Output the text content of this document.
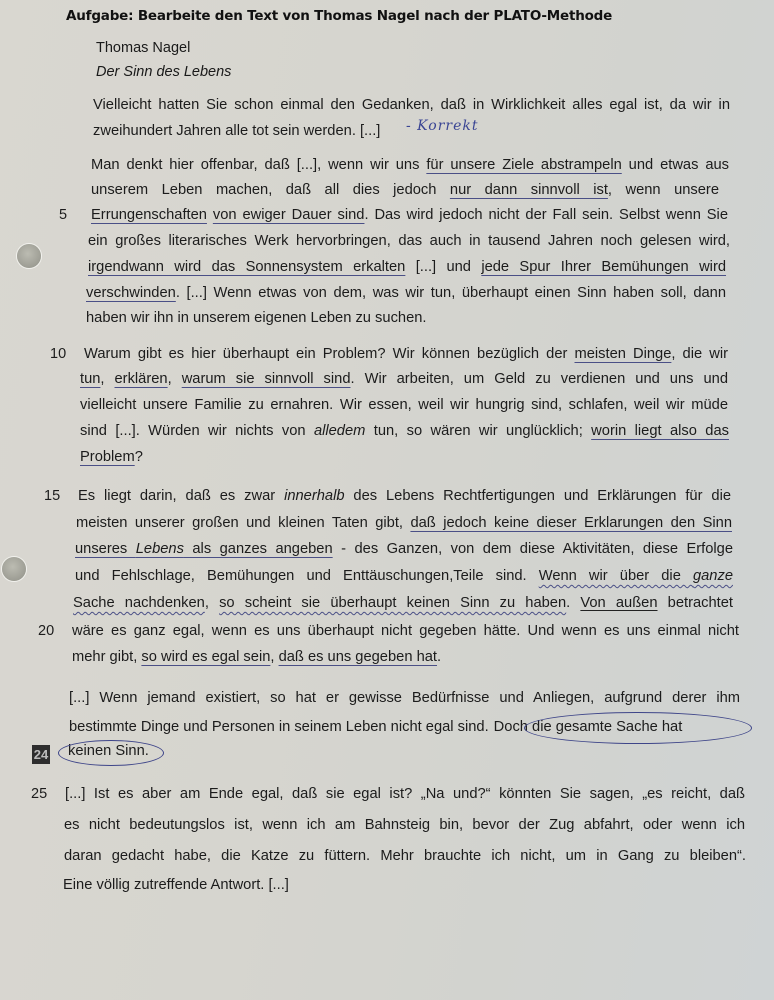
Aufgabe: Bearbeite den Text von Thomas Nagel nach der PLATO-Methode
Thomas Nagel
Der Sinn des Lebens
Vielleicht hatten Sie schon einmal den Gedanken, daß in Wirklichkeit alles egal ist, da wir in
zweihundert Jahren alle tot sein werden. [...] - Korrekt
Man denkt hier offenbar, daß [...], wenn wir uns für unsere Ziele abstrampeln und etwas aus
unserem Leben machen, daß all dies jedoch nur dann sinnvoll ist, wenn unsere
5 Errungenschaften von ewiger Dauer sind. Das wird jedoch nicht der Fall sein. Selbst wenn Sie
ein großes literarisches Werk hervorbringen, das auch in tausend Jahren noch gelesen wird,
irgendwann wird das Sonnensystem erkalten [...] und jede Spur Ihrer Bemühungen wird
verschwinden. [...] Wenn etwas von dem, was wir tun, überhaupt einen Sinn haben soll, dann
haben wir ihn in unserem eigenen Leben zu suchen.
10 Warum gibt es hier überhaupt ein Problem? Wir können bezüglich der meisten Dinge, die wir
tun, erklären, warum sie sinnvoll sind. Wir arbeiten, um Geld zu verdienen und uns und
vielleicht unsere Familie zu ernahren. Wir essen, weil wir hungrig sind, schlafen, weil wir müde
sind [...]. Würden wir nichts von alledem tun, so wären wir unglücklich; worin liegt also das
Problem?
15 Es liegt darin, daß es zwar innerhalb des Lebens Rechtfertigungen und Erklärungen für die
meisten unserer großen und kleinen Taten gibt, daß jedoch keine dieser Erklarungen den Sinn
unseres Lebens als ganzes angeben - des Ganzen, von dem diese Aktivitäten, diese Erfolge
und Fehlschlage, Bemühungen und Enttäuschungen,Teile sind. Wenn wir über die ganze
Sache nachdenken, so scheint sie überhaupt keinen Sinn zu haben. Von außen betrachtet
20 wäre es ganz egal, wenn es uns überhaupt nicht gegeben hätte. Und wenn es uns einmal nicht
mehr gibt, so wird es egal sein, daß es uns gegeben hat.
[...] Wenn jemand existiert, so hat er gewisse Bedürfnisse und Anliegen, aufgrund derer ihm
bestimmte Dinge und Personen in seinem Leben nicht egal sind. Doch die gesamte Sache hat
24 keinen Sinn.
25 [...] Ist es aber am Ende egal, daß sie egal ist? „Na und?“ könnten Sie sagen, „es reicht, daß
es nicht bedeutungslos ist, wenn ich am Bahnsteig bin, bevor der Zug abfahrt, oder wenn ich
daran gedacht habe, die Katze zu füttern. Mehr brauchte ich nicht, um in Gang zu bleiben“.
Eine völlig zutreffende Antwort. [...]
